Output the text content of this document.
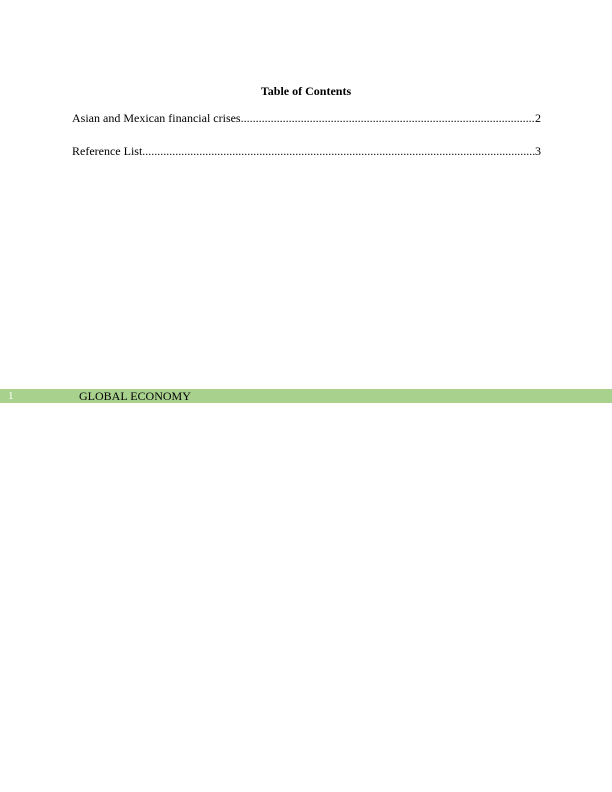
Table of Contents
Asian and Mexican financial crises .....	2
Reference List .....	3
1	GLOBAL ECONOMY
